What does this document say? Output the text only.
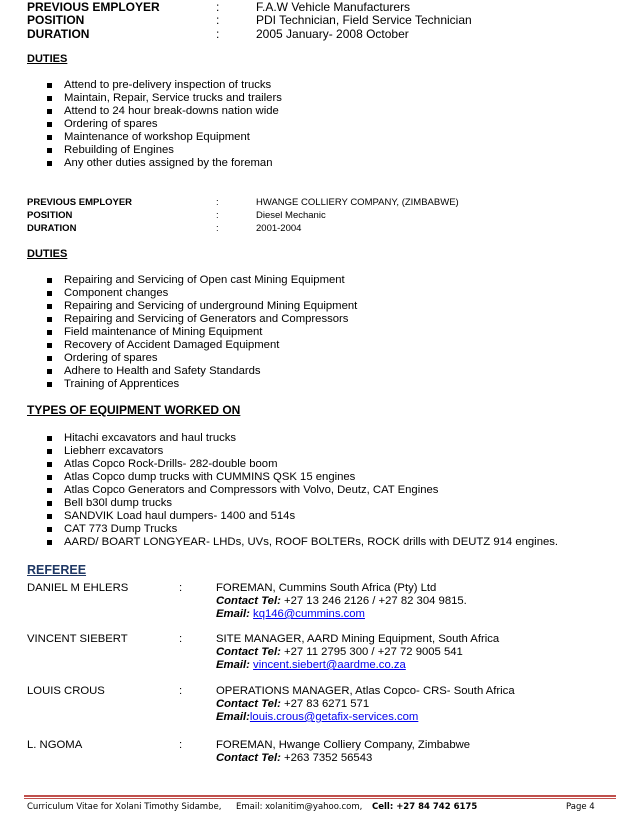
PREVIOUS EMPLOYER	:	F.A.W Vehicle Manufacturers
POSITION	:	PDI Technician, Field Service Technician
DURATION	:	2005 January- 2008 October
DUTIES
Attend to pre-delivery inspection of trucks
Maintain, Repair, Service trucks and trailers
Attend to 24 hour break-downs nation wide
Ordering of spares
Maintenance of workshop Equipment
Rebuilding of Engines
Any other duties assigned by the foreman
PREVIOUS EMPLOYER	:	HWANGE COLLIERY COMPANY, (ZIMBABWE)
POSITION	:	Diesel Mechanic
DURATION	:	2001-2004
DUTIES
Repairing and Servicing of Open cast Mining Equipment
Component changes
Repairing and Servicing of underground Mining Equipment
Repairing and Servicing of Generators and Compressors
Field maintenance of Mining Equipment
Recovery of Accident Damaged Equipment
Ordering of spares
Adhere to Health and Safety Standards
Training of Apprentices
TYPES OF EQUIPMENT WORKED ON
Hitachi excavators and haul trucks
Liebherr excavators
Atlas Copco Rock-Drills- 282-double boom
Atlas Copco dump trucks with CUMMINS QSK 15 engines
Atlas Copco Generators and Compressors with Volvo, Deutz, CAT Engines
Bell b30l dump trucks
SANDVIK Load haul dumpers- 1400 and 514s
CAT 773 Dump Trucks
AARD/ BOART LONGYEAR- LHDs, UVs, ROOF BOLTERs, ROCK drills with DEUTZ 914 engines.
REFEREE
DANIEL M EHLERS	:	FOREMAN, Cummins South Africa (Pty) Ltd
Contact Tel: +27 13 246 2126 / +27 82 304 9815.
Email: kq146@cummins.com
VINCENT SIEBERT	:	SITE MANAGER, AARD Mining Equipment, South Africa
Contact Tel: +27 11 2795 300 / +27 72 9005 541
Email: vincent.siebert@aardme.co.za
LOUIS CROUS	:	OPERATIONS MANAGER, Atlas Copco- CRS- South Africa
Contact Tel: +27 83 6271 571
Email:louis.crous@getafix-services.com
L. NGOMA	:	FOREMAN, Hwange Colliery Company, Zimbabwe
Contact Tel: +263 7352 56543
Curriculum Vitae for Xolani Timothy Sidambe, Email: xolanitim@yahoo.com, Cell: +27 84 742 6175	Page 4
